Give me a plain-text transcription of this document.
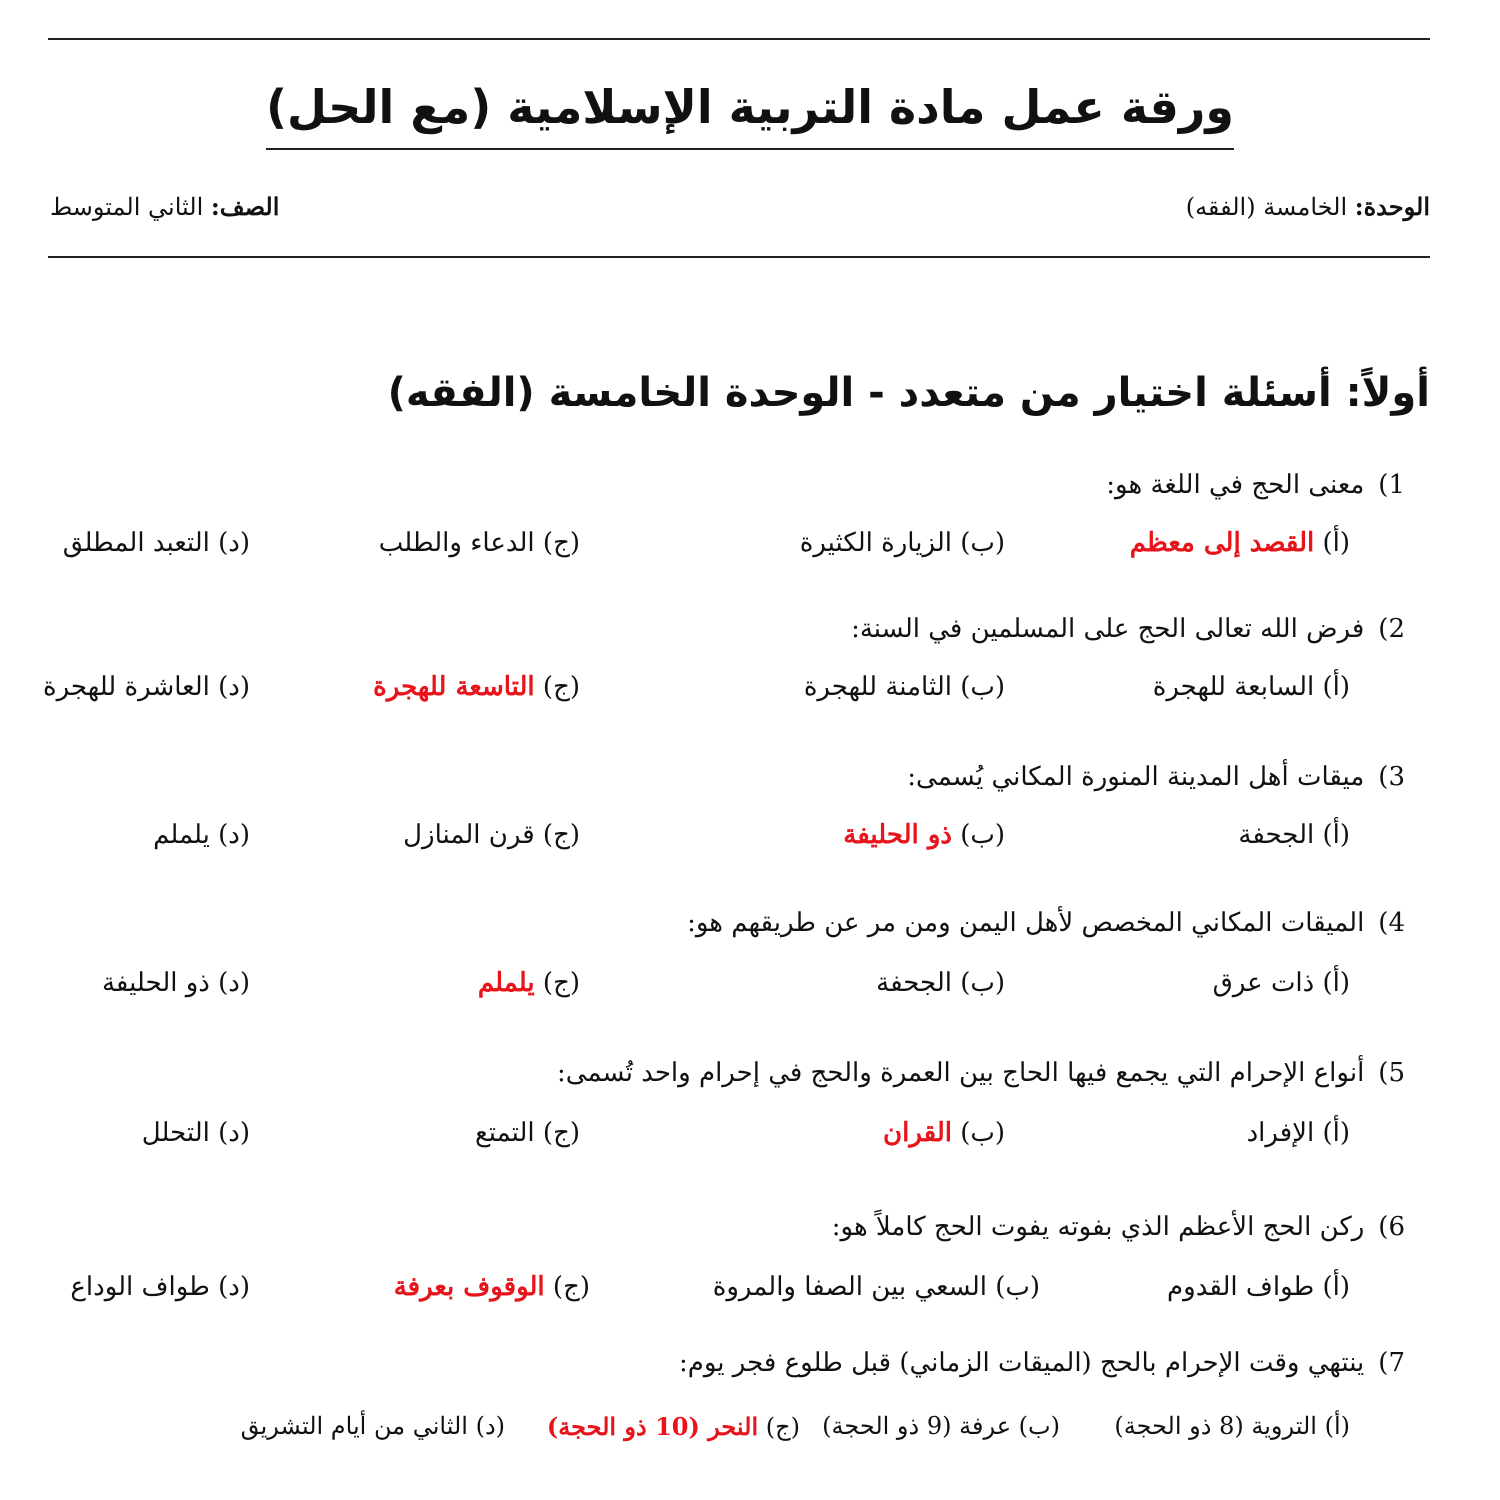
ورقة عمل مادة التربية الإسلامية (مع الحل)
الوحدة: الخامسة (الفقه)
الصف: الثاني المتوسط
أولاً: أسئلة اختيار من متعدد - الوحدة الخامسة (الفقه)
1)معنى الحج في اللغة هو:
(أ) القصد إلى معظم
(ب) الزيارة الكثيرة
(ج) الدعاء والطلب
(د) التعبد المطلق
2)فرض الله تعالى الحج على المسلمين في السنة:
(أ) السابعة للهجرة
(ب) الثامنة للهجرة
(ج) التاسعة للهجرة
(د) العاشرة للهجرة
3)ميقات أهل المدينة المنورة المكاني يُسمى:
(أ) الجحفة
(ب) ذو الحليفة
(ج) قرن المنازل
(د) يلملم
4)الميقات المكاني المخصص لأهل اليمن ومن مر عن طريقهم هو:
(أ) ذات عرق
(ب) الجحفة
(ج) يلملم
(د) ذو الحليفة
5)أنواع الإحرام التي يجمع فيها الحاج بين العمرة والحج في إحرام واحد تُسمى:
(أ) الإفراد
(ب) القران
(ج) التمتع
(د) التحلل
6)ركن الحج الأعظم الذي بفوته يفوت الحج كاملاً هو:
(أ) طواف القدوم
(ب) السعي بين الصفا والمروة
(ج) الوقوف بعرفة
(د) طواف الوداع
7)ينتهي وقت الإحرام بالحج (الميقات الزماني) قبل طلوع فجر يوم:
(أ) التروية (8 ذو الحجة)
(ب) عرفة (9 ذو الحجة)
(ج) النحر (10 ذو الحجة)
(د) الثاني من أيام التشريق
